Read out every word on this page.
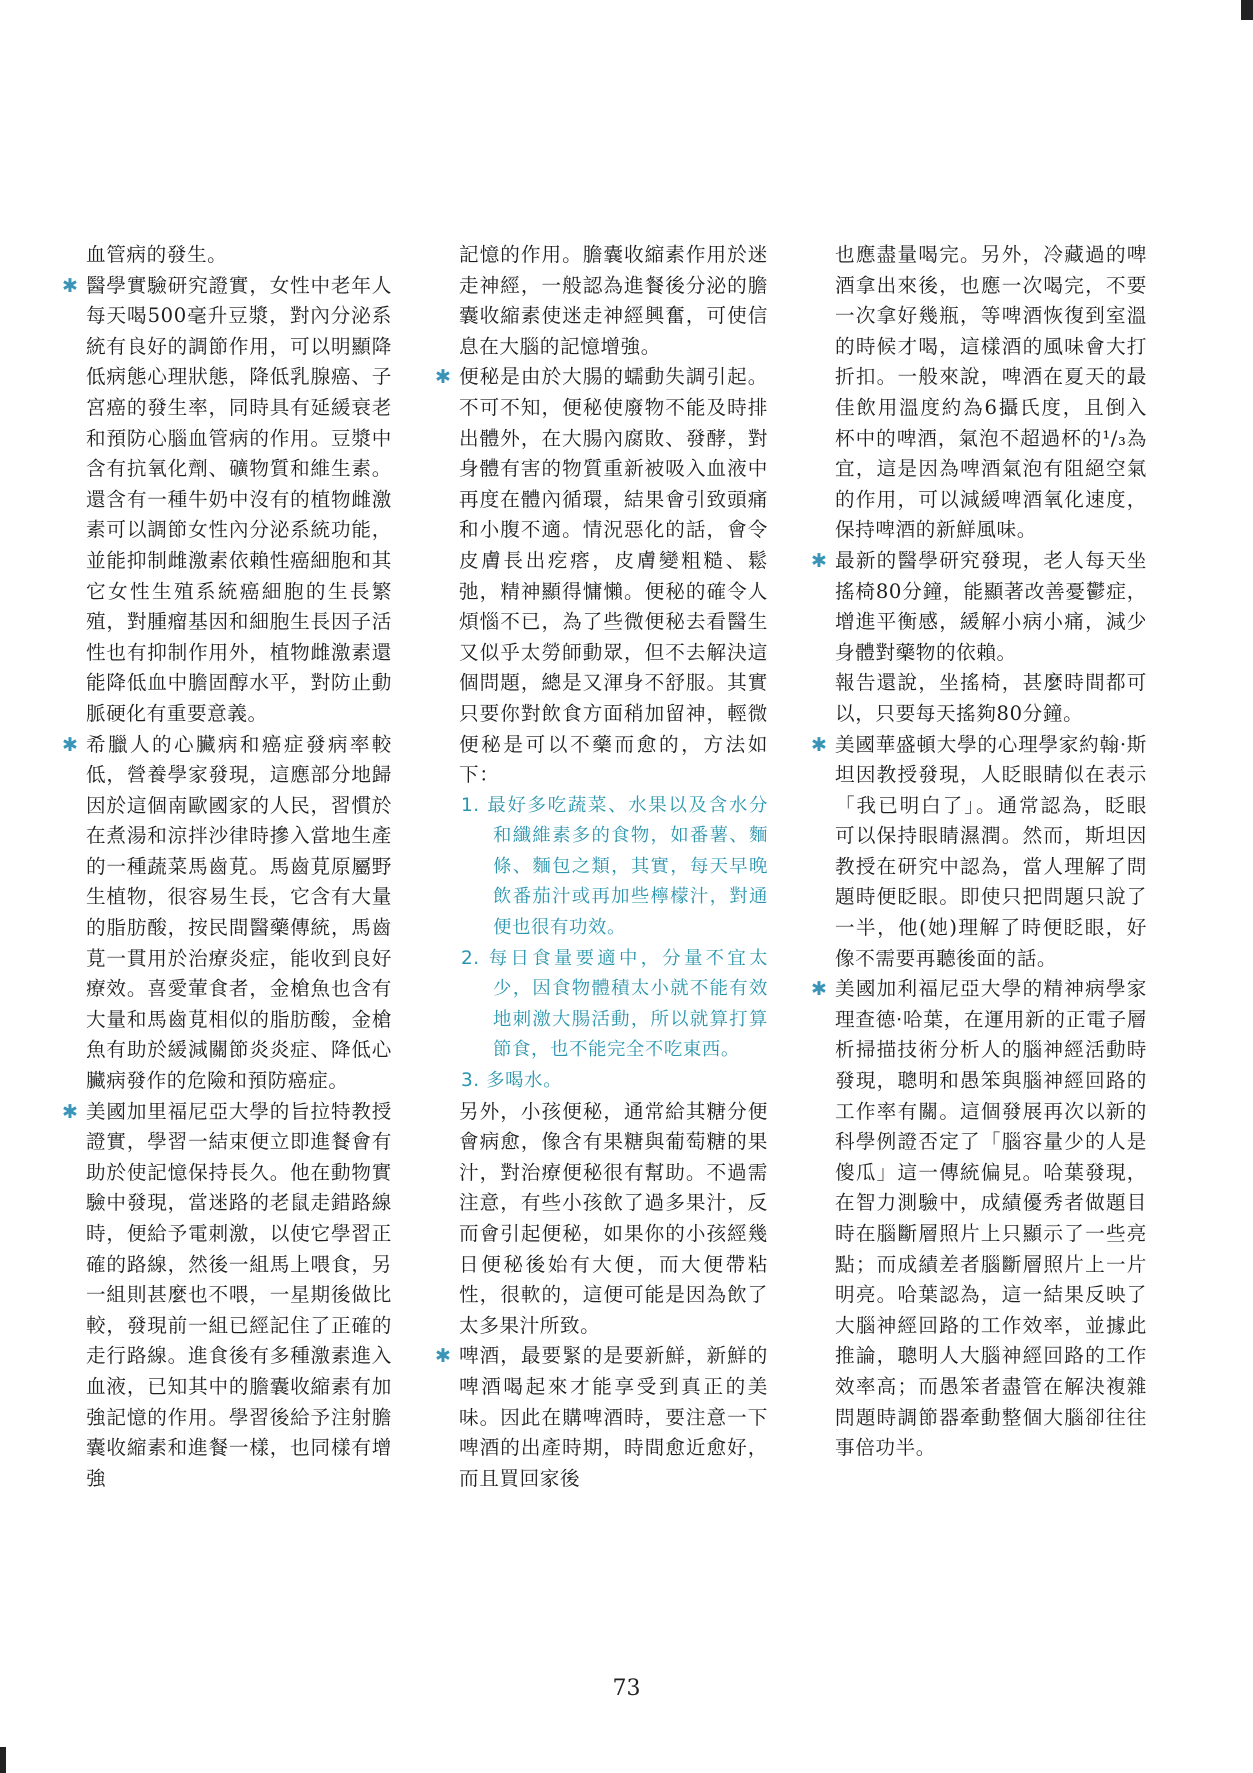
血管病的發生。

✱ 醫學實驗研究證實，女性中老年人每天喝500毫升豆漿，對內分泌系統有良好的調節作用，可以明顯降低病態心理狀態，降低乳腺癌、子宮癌的發生率，同時具有延緩衰老和預防心腦血管病的作用。豆漿中含有抗氧化劑、礦物質和維生素。還含有一種牛奶中沒有的植物雌激素可以調節女性內分泌系統功能，並能抑制雌激素依賴性癌細胞和其它女性生殖系統癌細胞的生長繁殖，對腫瘤基因和細胞生長因子活性也有抑制作用外，植物雌激素還能降低血中膽固醇水平，對防止動脈硬化有重要意義。

✱ 希臘人的心臟病和癌症發病率較低，營養學家發現，這應部分地歸因於這個南歐國家的人民，習慣於在煮湯和涼拌沙律時摻入當地生產的一種蔬菜馬齒莧。馬齒莧原屬野生植物，很容易生長，它含有大量的脂肪酸，按民間醫藥傳統，馬齒莧一貫用於治療炎症，能收到良好療效。喜愛葷食者，金槍魚也含有大量和馬齒莧相似的脂肪酸，金槍魚有助於緩減關節炎炎症、降低心臟病發作的危險和預防癌症。

✱ 美國加里福尼亞大學的旨拉特教授證實，學習一結束便立即進餐會有助於使記憶保持長久。他在動物實驗中發現，當迷路的老鼠走錯路線時，便給予電刺激，以使它學習正確的路線，然後一組馬上喂食，另一組則甚麼也不喂，一星期後做比較，發現前一組已經記住了正確的走行路線。進食後有多種激素進入血液，已知其中的膽囊收縮素有加強記憶的作用。學習後給予注射膽囊收縮素和進餐一樣，也同樣有增強

記憶的作用。膽囊收縮素作用於迷走神經，一般認為進餐後分泌的膽囊收縮素使迷走神經興奮，可使信息在大腦的記憶增強。

✱ 便秘是由於大腸的蠕動失調引起。不可不知，便秘使廢物不能及時排出體外，在大腸內腐敗、發酵，對身體有害的物質重新被吸入血液中再度在體內循環，結果會引致頭痛和小腹不適。情況惡化的話，會令皮膚長出疙瘩，皮膚變粗糙、鬆弛，精神顯得慵懶。便秘的確令人煩惱不已，為了些微便秘去看醫生又似乎太勞師動眾，但不去解決這個問題，總是又渾身不舒服。其實只要你對飲食方面稍加留神，輕微便秘是可以不藥而愈的，方法如下：

1. 最好多吃蔬菜、水果以及含水分和纖維素多的食物，如番薯、麵條、麵包之類，其實，每天早晚飲番茄汁或再加些檸檬汁，對通便也很有功效。

2. 每日食量要適中，分量不宜太少，因食物體積太小就不能有效地刺激大腸活動，所以就算打算節食，也不能完全不吃東西。

3. 多喝水。

另外，小孩便秘，通常給其糖分便會病愈，像含有果糖與葡萄糖的果汁，對治療便秘很有幫助。不過需注意，有些小孩飲了過多果汁，反而會引起便秘，如果你的小孩經幾日便秘後始有大便，而大便帶粘性，很軟的，這便可能是因為飲了太多果汁所致。

✱ 啤酒，最要緊的是要新鮮，新鮮的啤酒喝起來才能享受到真正的美味。因此在購啤酒時，要注意一下啤酒的出產時期，時間愈近愈好，而且買回家後

也應盡量喝完。另外，冷藏過的啤酒拿出來後，也應一次喝完，不要一次拿好幾瓶，等啤酒恢復到室溫的時候才喝，這樣酒的風味會大打折扣。一般來說，啤酒在夏天的最佳飲用溫度約為6攝氏度，且倒入杯中的啤酒，氣泡不超過杯的¹/₃為宜，這是因為啤酒氣泡有阻絕空氣的作用，可以減緩啤酒氧化速度，保持啤酒的新鮮風味。

✱ 最新的醫學研究發現，老人每天坐搖椅80分鐘，能顯著改善憂鬱症，增進平衡感，緩解小病小痛，減少身體對藥物的依賴。

報告還說，坐搖椅，甚麼時間都可以，只要每天搖夠80分鐘。

✱ 美國華盛頓大學的心理學家約翰·斯坦因教授發現，人眨眼睛似在表示「我已明白了」。通常認為，眨眼可以保持眼睛濕潤。然而，斯坦因教授在研究中認為，當人理解了問題時便眨眼。即使只把問題只說了一半，他(她)理解了時便眨眼，好像不需要再聽後面的話。

✱ 美國加利福尼亞大學的精神病學家理查德·哈葉，在運用新的正電子層析掃描技術分析人的腦神經活動時發現，聰明和愚笨與腦神經回路的工作率有關。這個發展再次以新的科學例證否定了「腦容量少的人是傻瓜」這一傳統偏見。哈葉發現，在智力測驗中，成績優秀者做題目時在腦斷層照片上只顯示了一些亮點；而成績差者腦斷層照片上一片明亮。哈葉認為，這一結果反映了大腦神經回路的工作效率，並據此推論，聰明人大腦神經回路的工作效率高；而愚笨者盡管在解決複雜問題時調節器牽動整個大腦卻往往事倍功半。

73
